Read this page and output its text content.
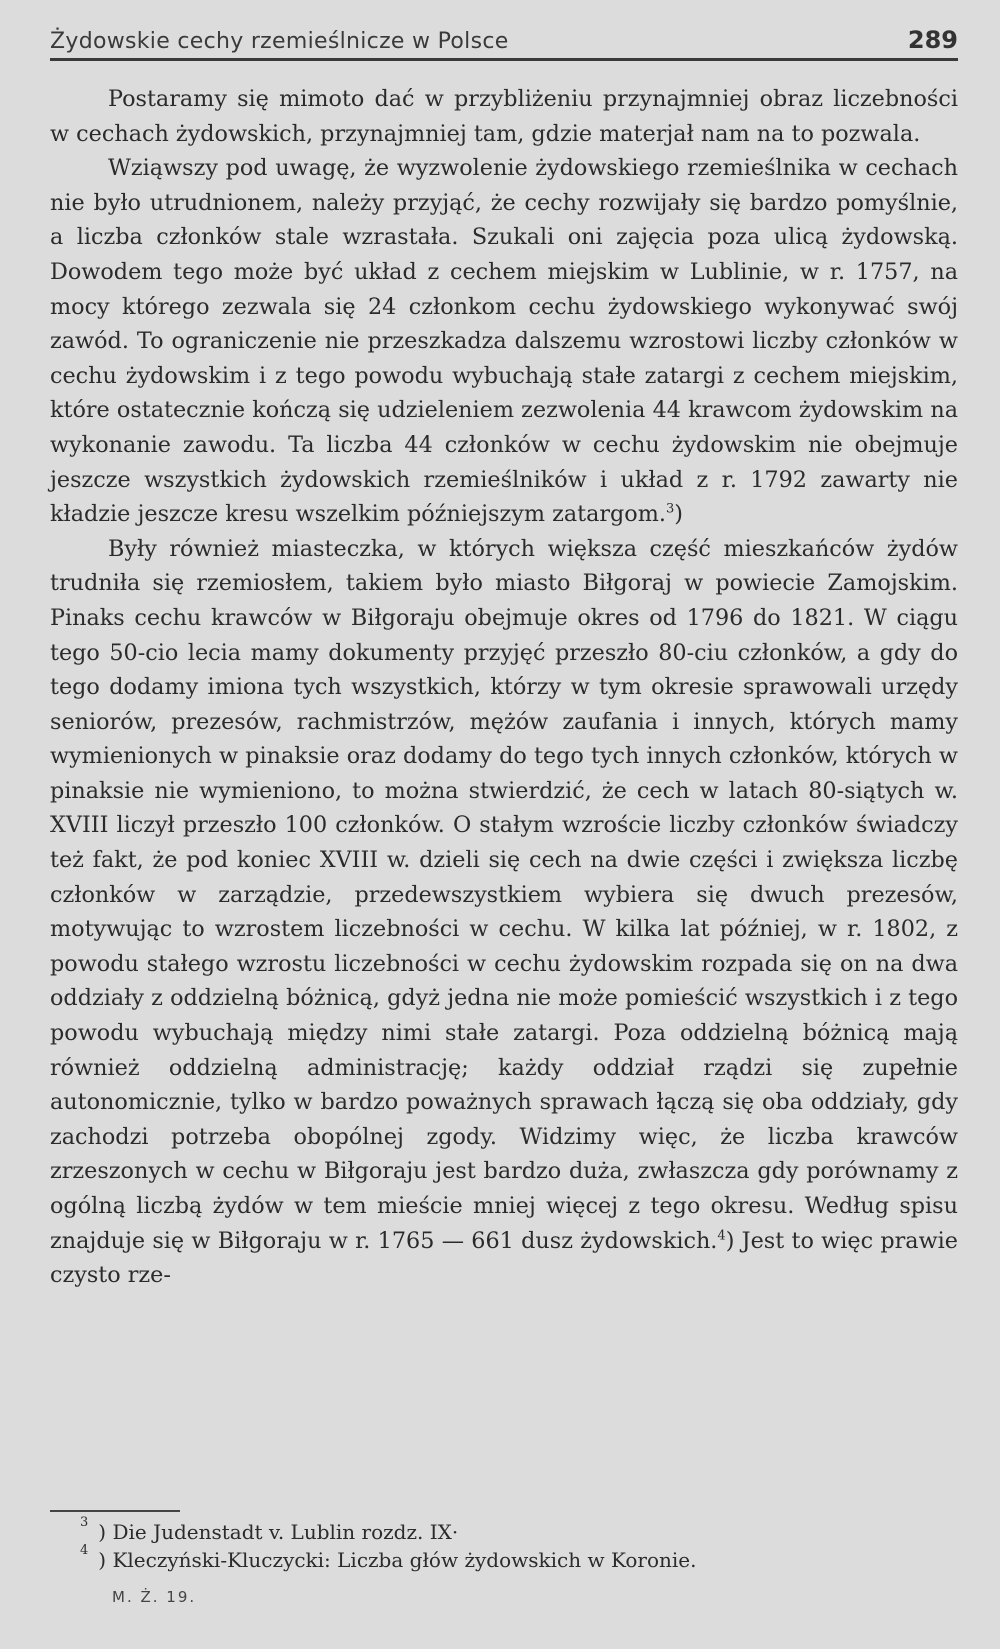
Żydowskie cechy rzemieślnicze w Polsce	289

Postaramy się mimoto dać w przybliżeniu przynajmniej obraz liczebności w cechach żydowskich, przynajmniej tam, gdzie materjał nam na to pozwala.

Wziąwszy pod uwagę, że wyzwolenie żydowskiego rzemieślnika w cechach nie było utrudnionem, należy przyjąć, że cechy rozwijały się bardzo pomyślnie, a liczba członków stale wzrastała. Szukali oni zajęcia poza ulicą żydowską. Dowodem tego może być układ z cechem miejskim w Lublinie, w r. 1757, na mocy którego zezwala się 24 członkom cechu żydowskiego wykonywać swój zawód. To ograniczenie nie przeszkadza dalszemu wzrostowi liczby członków w cechu żydowskim i z tego powodu wybuchają stałe zatargi z cechem miejskim, które ostatecznie kończą się udzieleniem zezwolenia 44 krawcom żydowskim na wykonanie zawodu. Ta liczba 44 członków w cechu żydowskim nie obejmuje jeszcze wszystkich żydowskich rzemieślników i układ z r. 1792 zawarty nie kładzie jeszcze kresu wszelkim późniejszym zatargom.$^3$)

Były również miasteczka, w których większa część mieszkańców żydów trudniła się rzemiosłem, takiem było miasto Biłgoraj w powiecie Zamojskim. Pinaks cechu krawców w Biłgoraju obejmuje okres od 1796 do 1821. W ciągu tego 50-cio lecia mamy dokumenty przyjęć przeszło 80-ciu członków, a gdy do tego dodamy imiona tych wszystkich, którzy w tym okresie sprawowali urzędy seniorów, prezesów, rachmistrzów, mężów zaufania i innych, których mamy wymienionych w pinaksie oraz dodamy do tego tych innych członków, których w pinaksie nie wymieniono, to można stwierdzić, że cech w latach 80-siątych w. XVIII liczył przeszło 100 członków. O stałym wzroście liczby członków świadczy też fakt, że pod koniec XVIII w. dzieli się cech na dwie części i zwiększa liczbę członków w zarządzie, przedewszystkiem wybiera się dwuch prezesów, motywując to wzrostem liczebności w cechu. W kilka lat później, w r. 1802, z powodu stałego wzrostu liczebności w cechu żydowskim rozpada się on na dwa oddziały z oddzielną bóżnicą, gdyż jedna nie może pomieścić wszystkich i z tego powodu wybuchają między nimi stałe zatargi. Poza oddzielną bóżnicą mają również oddzielną administrację; każdy oddział rządzi się zupełnie autonomicznie, tylko w bardzo poważnych sprawach łączą się oba oddziały, gdy zachodzi potrzeba obopólnej zgody. Widzimy więc, że liczba krawców zrzeszonych w cechu w Biłgoraju jest bardzo duża, zwłaszcza gdy porównamy z ogólną liczbą żydów w tem mieście mniej więcej z tego okresu. Według spisu znajduje się w Biłgoraju w r. 1765 — 661 dusz żydowskich.$^4$) Jest to więc prawie czysto rze-

3 ) Die Judenstadt v. Lublin rozdz. IX·
4 ) Kleczyński-Kluczycki: Liczba głów żydowskich w Koronie.
M. Ż. 19.
